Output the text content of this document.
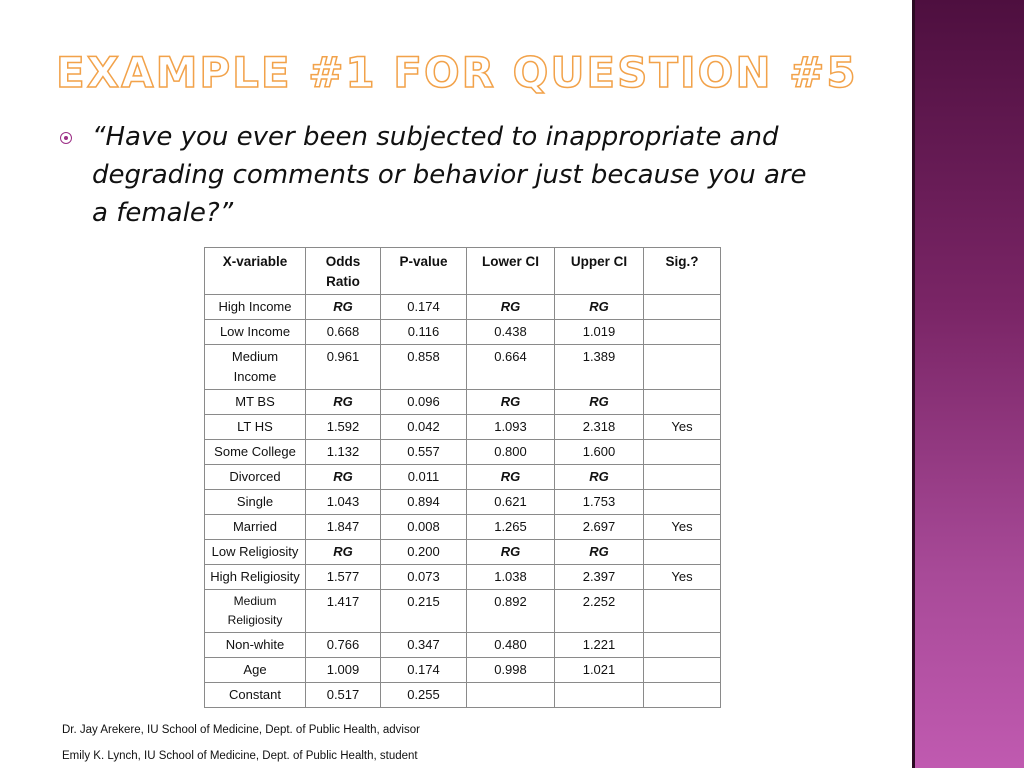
EXAMPLE #1 FOR QUESTION #5

“Have you ever been subjected to inappropriate and degrading comments or behavior just because you are a female?”

X-variable	Odds Ratio	P-value	Lower CI	Upper CI	Sig.?
High Income	RG	0.174	RG	RG	
Low Income	0.668	0.116	0.438	1.019	
Medium Income	0.961	0.858	0.664	1.389	
MT BS	RG	0.096	RG	RG	
LT HS	1.592	0.042	1.093	2.318	Yes
Some College	1.132	0.557	0.800	1.600	
Divorced	RG	0.011	RG	RG	
Single	1.043	0.894	0.621	1.753	
Married	1.847	0.008	1.265	2.697	Yes
Low Religiosity	RG	0.200	RG	RG	
High Religiosity	1.577	0.073	1.038	2.397	Yes
Medium Religiosity	1.417	0.215	0.892	2.252	
Non-white	0.766	0.347	0.480	1.221	
Age	1.009	0.174	0.998	1.021	
Constant	0.517	0.255			
Dr. Jay Arekere, IU School of Medicine, Dept. of Public Health, advisor
Emily K. Lynch, IU School of Medicine, Dept. of Public Health, student
